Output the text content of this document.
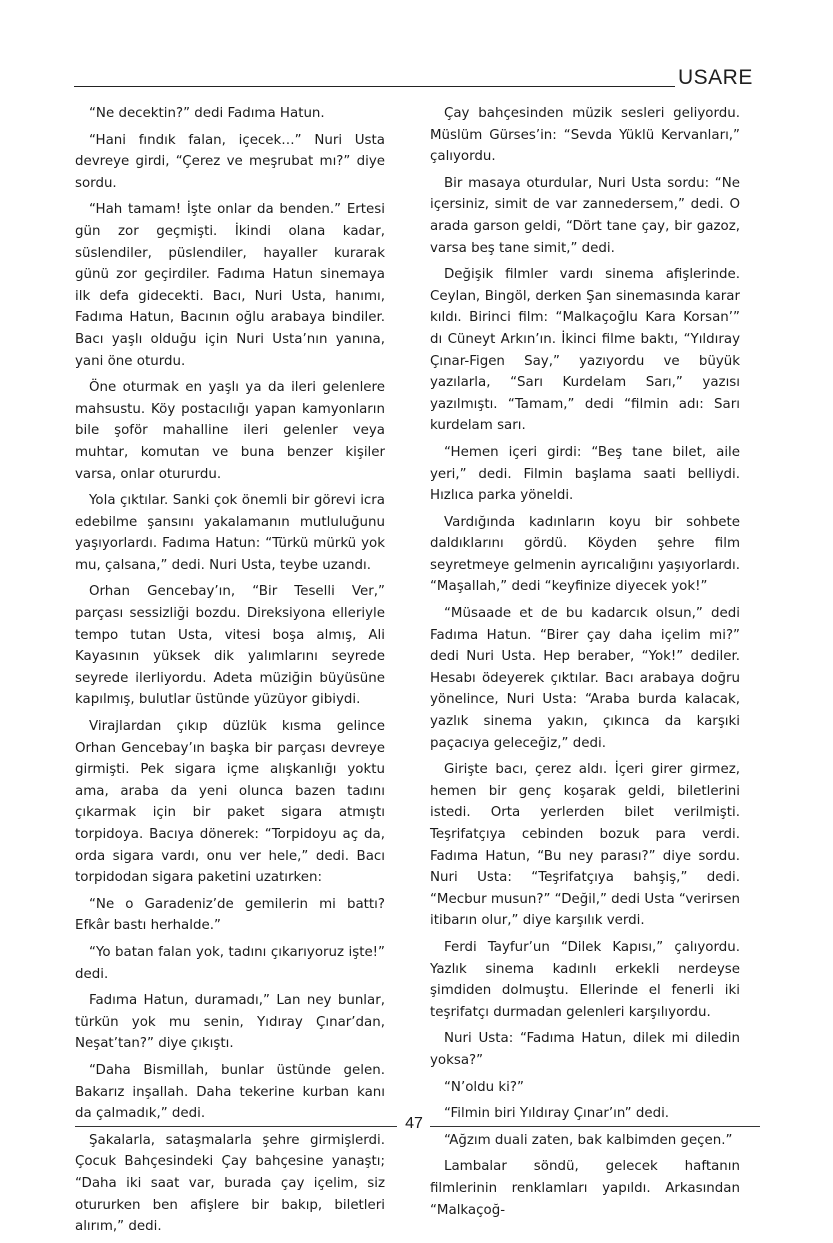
USARE

“Ne decektin?” dedi Fadıma Hatun.

“Hani fındık falan, içecek…” Nuri Usta devreye girdi, “Çerez ve meşrubat mı?” diye sordu.

“Hah tamam! İşte onlar da benden.” Ertesi gün zor geçmişti. İkindi olana kadar, süslendiler, püslendiler, hayaller kurarak günü zor geçirdiler. Fadıma Hatun sinemaya ilk defa gidecekti. Bacı, Nuri Usta, hanımı, Fadıma Hatun, Bacının oğlu arabaya bindiler. Bacı yaşlı olduğu için Nuri Usta’nın yanına, yani öne oturdu.

Öne oturmak en yaşlı ya da ileri gelenlere mahsustu. Köy postacılığı yapan kamyonların bile şoför mahalline ileri gelenler veya muhtar, komutan ve buna benzer kişiler varsa, onlar otururdu.

Yola çıktılar. Sanki çok önemli bir görevi icra edebilme şansını yakalamanın mutluluğunu yaşıyorlardı. Fadıma Hatun: “Türkü mürkü yok mu, çalsana,” dedi. Nuri Usta, teybe uzandı.

Orhan Gencebay’ın, “Bir Teselli Ver,” parçası sessizliği bozdu. Direksiyona elleriyle tempo tutan Usta, vitesi boşa almış, Ali Kayasının yüksek dik yalımlarını seyrede seyrede ilerliyordu. Adeta müziğin büyüsüne kapılmış, bulutlar üstünde yüzüyor gibiydi.

Virajlardan çıkıp düzlük kısma gelince Orhan Gencebay’ın başka bir parçası devreye girmişti. Pek sigara içme alışkanlığı yoktu ama, araba da yeni olunca bazen tadını çıkarmak için bir paket sigara atmıştı torpidoya. Bacıya dönerek: “Torpidoyu aç da, orda sigara vardı, onu ver hele,” dedi. Bacı torpidodan sigara paketini uzatırken:

“Ne o Garadeniz’de gemilerin mi battı? Efkâr bastı herhalde.”

“Yo batan falan yok, tadını çıkarıyoruz işte!” dedi.

Fadıma Hatun, duramadı,” Lan ney bunlar, türkün yok mu senin, Yıdıray Çınar’dan, Neşat’tan?” diye çıkıştı.

“Daha Bismillah, bunlar üstünde gelen. Bakarız inşallah. Daha tekerine kurban kanı da çalmadık,” dedi.

Şakalarla, sataşmalarla şehre girmişlerdi. Çocuk Bahçesindeki Çay bahçesine yanaştı; “Daha iki saat var, burada çay içelim, siz otururken ben afişlere bir bakıp, biletleri alırım,” dedi.

Çay bahçesinden müzik sesleri geliyordu. Müslüm Gürses’in: “Sevda Yüklü Kervanları,” çalıyordu.

Bir masaya oturdular, Nuri Usta sordu: “Ne içersiniz, simit de var zannedersem,” dedi. O arada garson geldi, “Dört tane çay, bir gazoz, varsa beş tane simit,” dedi.

Değişik filmler vardı sinema afişlerinde. Ceylan, Bingöl, derken Şan sinemasında karar kıldı. Birinci film: “Malkaçoğlu Kara Korsan’” dı Cüneyt Arkın’ın. İkinci filme baktı, “Yıldıray Çınar-Figen Say,” yazıyordu ve büyük yazılarla, “Sarı Kurdelam Sarı,” yazısı yazılmıştı. “Tamam,” dedi “filmin adı: Sarı kurdelam sarı.

“Hemen içeri girdi: “Beş tane bilet, aile yeri,” dedi. Filmin başlama saati belliydi. Hızlıca parka yöneldi.

Vardığında kadınların koyu bir sohbete daldıklarını gördü. Köyden şehre film seyretmeye gelmenin ayrıcalığını yaşıyorlardı. “Maşallah,” dedi “keyfinize diyecek yok!”

“Müsaade et de bu kadarcık olsun,” dedi Fadıma Hatun. “Birer çay daha içelim mi?” dedi Nuri Usta. Hep beraber, “Yok!” dediler. Hesabı ödeyerek çıktılar. Bacı arabaya doğru yönelince, Nuri Usta: “Araba burda kalacak, yazlık sinema yakın, çıkınca da karşıki paçacıya geleceğiz,” dedi.

Girişte bacı, çerez aldı. İçeri girer girmez, hemen bir genç koşarak geldi, biletlerini istedi. Orta yerlerden bilet verilmişti. Teşrifatçıya cebinden bozuk para verdi. Fadıma Hatun, “Bu ney parası?” diye sordu. Nuri Usta: “Teşrifatçıya bahşiş,” dedi. “Mecbur musun?” “Değil,” dedi Usta “verirsen itibarın olur,” diye karşılık verdi.

Ferdi Tayfur’un “Dilek Kapısı,” çalıyordu. Yazlık sinema kadınlı erkekli nerdeyse şimdiden dolmuştu. Ellerinde el fenerli iki teşrifatçı durmadan gelenleri karşılıyordu.

Nuri Usta: “Fadıma Hatun, dilek mi diledin yoksa?”

“N’oldu ki?”

“Filmin biri Yıldıray Çınar’ın” dedi.

“Ağzım duali zaten, bak kalbimden geçen.”

Lambalar söndü, gelecek haftanın filmlerinin renklamları yapıldı. Arkasından “Malkaçoğ-

47
